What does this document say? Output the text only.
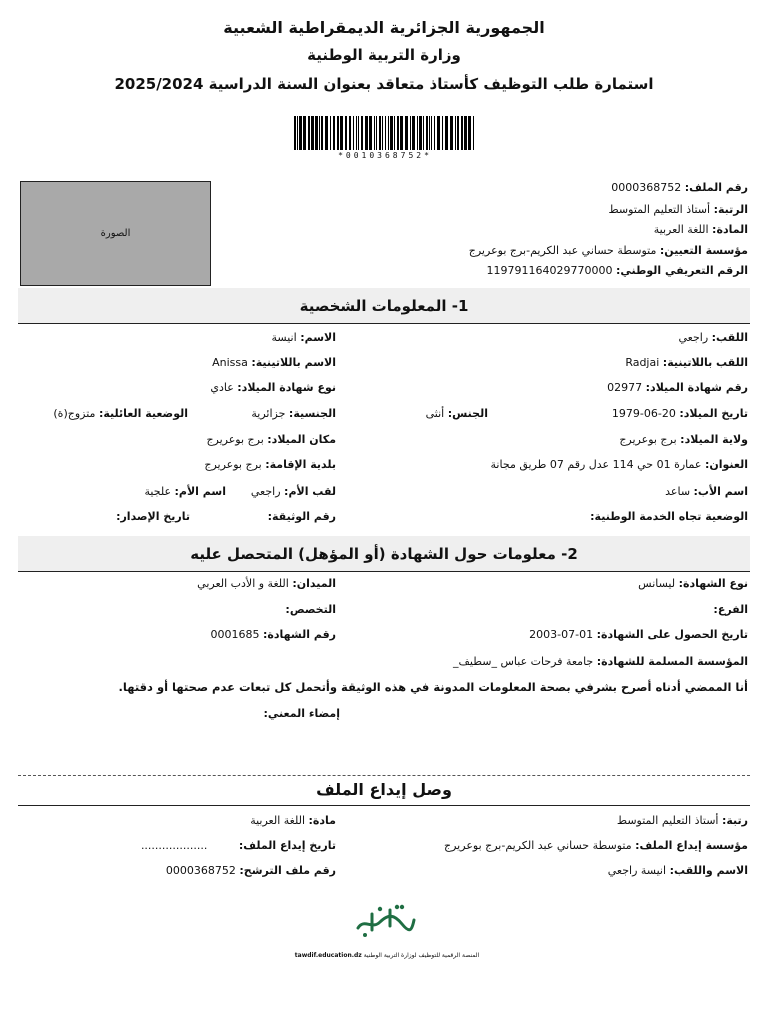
الجمهورية الجزائرية الديمقراطية الشعبية
وزارة التربية الوطنية
استمارة طلب التوظيف كأستاذ متعاقد بعنوان السنة الدراسية 2025/2024
*0010368752*
الصورة
رقم الملف: 0000368752
الرتبة: أستاذ التعليم المتوسط
المادة: اللغة العربية
مؤسسة التعيين: متوسطة حساني عبد الكريم-برج بوعريرج
الرقم التعريفي الوطني: 119791164029770000
1- المعلومات الشخصية
اللقب: راجعي
الاسم: انيسة
اللقب باللاتينية: Radjai
الاسم باللاتينية: Anissa
رقم شهادة الميلاد: 02977
نوع شهادة الميلاد: عادي
تاريخ الميلاد: 20-06-1979
الجنس: أنثى
الجنسية: جزائرية
الوضعية العائلية: متزوج(ة)
ولاية الميلاد: برج بوعريرج
مكان الميلاد: برج بوعريرج
العنوان: عمارة 01 حي 114 عدل رقم 07 طريق مجانة
بلدية الإقامة: برج بوعريرج
اسم الأب: ساعد
لقب الأم: راجعي
اسم الأم: علجية
الوضعية تجاه الخدمة الوطنية:
رقم الوثيقة:
تاريخ الإصدار:
2- معلومات حول الشهادة (أو المؤهل) المتحصل عليه
نوع الشهادة: ليسانس
الميدان: اللغة و الأدب العربي
الفرع:
التخصص:
تاريخ الحصول على الشهادة: 01-07-2003
رقم الشهادة: 0001685
المؤسسة المسلمة للشهادة: جامعة فرحات عباس _سطيف_
أنا الممضي أدناه أصرح بشرفي بصحة المعلومات المدونة في هذه الوثيقة وأتحمل كل تبعات عدم صحتها أو دقتها.
إمضاء المعني:
وصل إيداع الملف
رتبة: أستاذ التعليم المتوسط
مادة: اللغة العربية
مؤسسة إيداع الملف: متوسطة حساني عبد الكريم-برج بوعريرج
تاريخ إيداع الملف: ...................
الاسم واللقب: انيسة راجعي
رقم ملف الترشح: 0000368752
المنصة الرقمية للتوظيف لوزارة التربية الوطنية tawdif.education.dz
